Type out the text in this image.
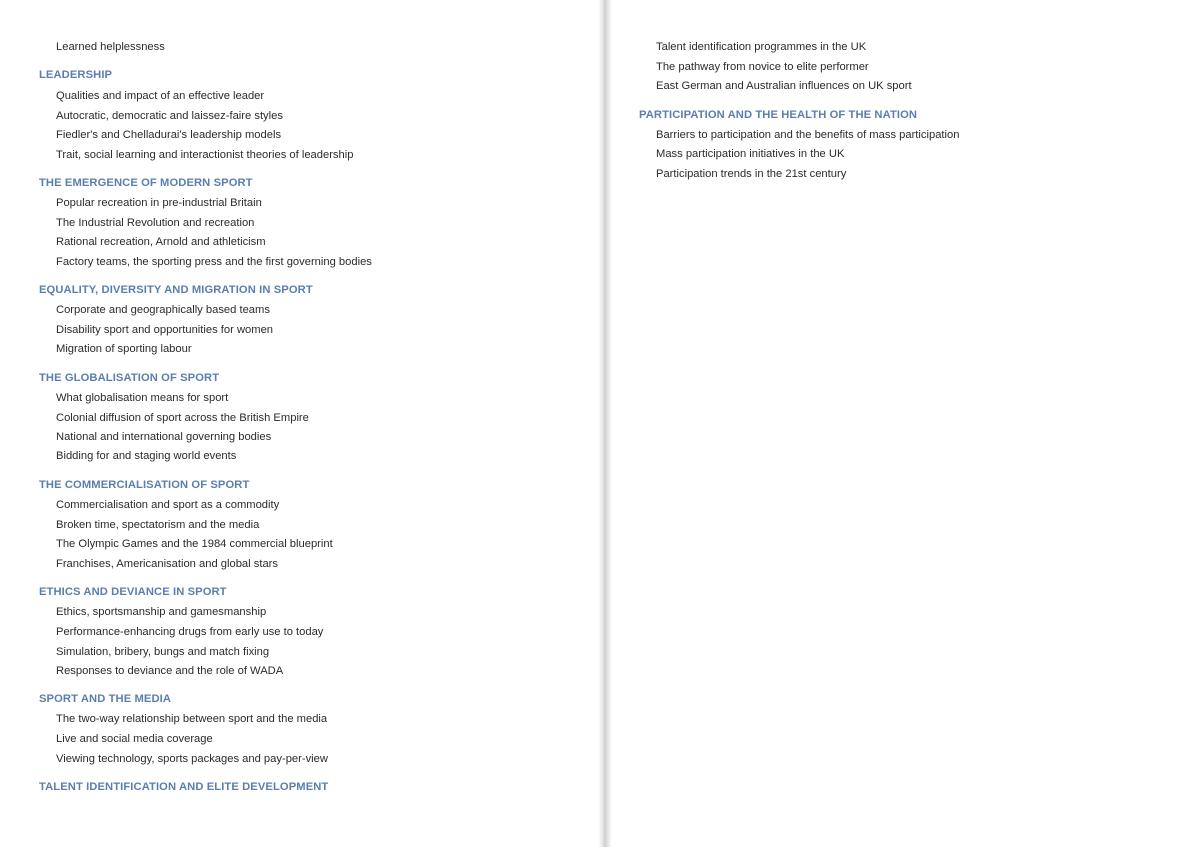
Learned helplessness
LEADERSHIP
Qualities and impact of an effective leader
Autocratic, democratic and laissez-faire styles
Fiedler's and Chelladurai's leadership models
Trait, social learning and interactionist theories of leadership
THE EMERGENCE OF MODERN SPORT
Popular recreation in pre-industrial Britain
The Industrial Revolution and recreation
Rational recreation, Arnold and athleticism
Factory teams, the sporting press and the first governing bodies
EQUALITY, DIVERSITY AND MIGRATION IN SPORT
Corporate and geographically based teams
Disability sport and opportunities for women
Migration of sporting labour
THE GLOBALISATION OF SPORT
What globalisation means for sport
Colonial diffusion of sport across the British Empire
National and international governing bodies
Bidding for and staging world events
THE COMMERCIALISATION OF SPORT
Commercialisation and sport as a commodity
Broken time, spectatorism and the media
The Olympic Games and the 1984 commercial blueprint
Franchises, Americanisation and global stars
ETHICS AND DEVIANCE IN SPORT
Ethics, sportsmanship and gamesmanship
Performance-enhancing drugs from early use to today
Simulation, bribery, bungs and match fixing
Responses to deviance and the role of WADA
SPORT AND THE MEDIA
The two-way relationship between sport and the media
Live and social media coverage
Viewing technology, sports packages and pay-per-view
TALENT IDENTIFICATION AND ELITE DEVELOPMENT
Talent identification programmes in the UK
The pathway from novice to elite performer
East German and Australian influences on UK sport
PARTICIPATION AND THE HEALTH OF THE NATION
Barriers to participation and the benefits of mass participation
Mass participation initiatives in the UK
Participation trends in the 21st century
